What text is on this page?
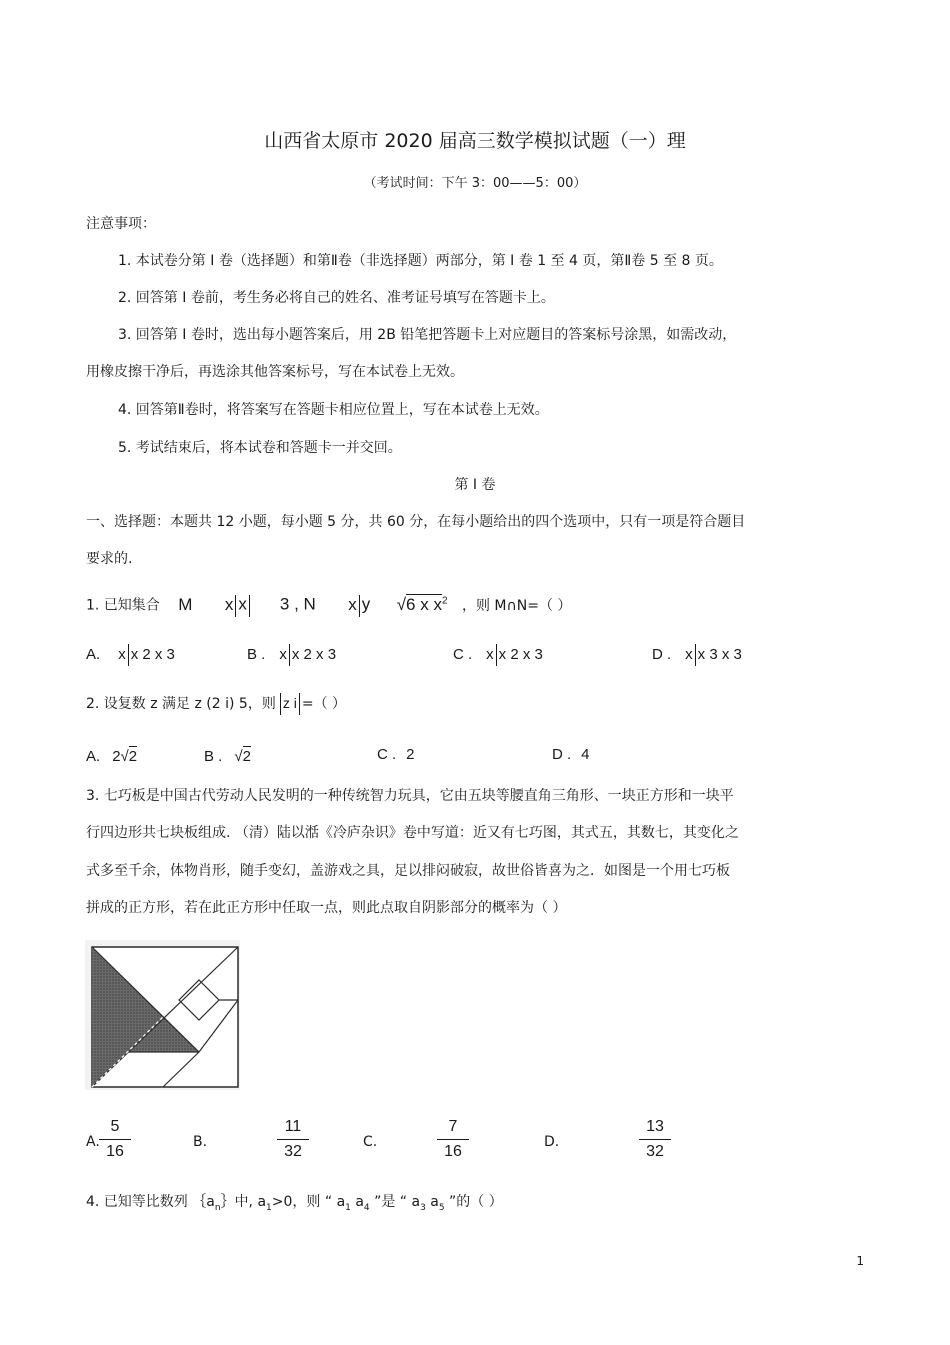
山西省太原市 2020 届高三数学模拟试题（一）理
（考试时间：下午 3：00——5：00）
注意事项：
1. 本试卷分第 I 卷（选择题）和第Ⅱ卷（非选择题）两部分，第 I 卷 1 至 4 页，第Ⅱ卷 5 至 8 页。
2. 回答第 I 卷前，考生务必将自己的姓名、准考证号填写在答题卡上。
3. 回答第 I 卷时，选出每小题答案后，用 2B 铅笔把答题卡上对应题目的答案标号涂黑，如需改动，
用橡皮擦干净后，再选涂其他答案标号，写在本试卷上无效。
4. 回答第Ⅱ卷时，将答案写在答题卡相应位置上，写在本试卷上无效。
5. 考试结束后，将本试卷和答题卡一并交回。
第 I 卷
一、选择题：本题共 12 小题，每小题 5 分，共 60 分，在每小题给出的四个选项中，只有一项是符合题目
要求的.
1. 已知集合 M x x 3 , N x y √6 x $x^2$ ，则 M∩N=（ ）
A. x x 2 x 3	B . x x 2 x 3	C . x x 2 x 3	D . x x 3 x 3
2. 设复数 z 满足 z (2 i) 5，则 z i =（ ）
A. 2√2	B . √2	C . 2	D . 4
3. 七巧板是中国古代劳动人民发明的一种传统智力玩具，它由五块等腰直角三角形、一块正方形和一块平
行四边形共七块板组成. （清）陆以湉《冷庐杂识》卷中写道：近又有七巧图，其式五，其数七，其变化之
式多至千余，体物肖形，随手变幻，盖游戏之具，足以排闷破寂，故世俗皆喜为之．如图是一个用七巧板
拼成的正方形，若在此正方形中任取一点，则此点取自阴影部分的概率为（ ）
A.
5
16
B.
11
32
C.
7
16
D.
13
32
4. 已知等比数列 $\{a_n\}$中, $a_1>0$，则 “ $a_1$ $a_4$ ”是 “ $a_3$ $a_5$ ”的（ ）
1
